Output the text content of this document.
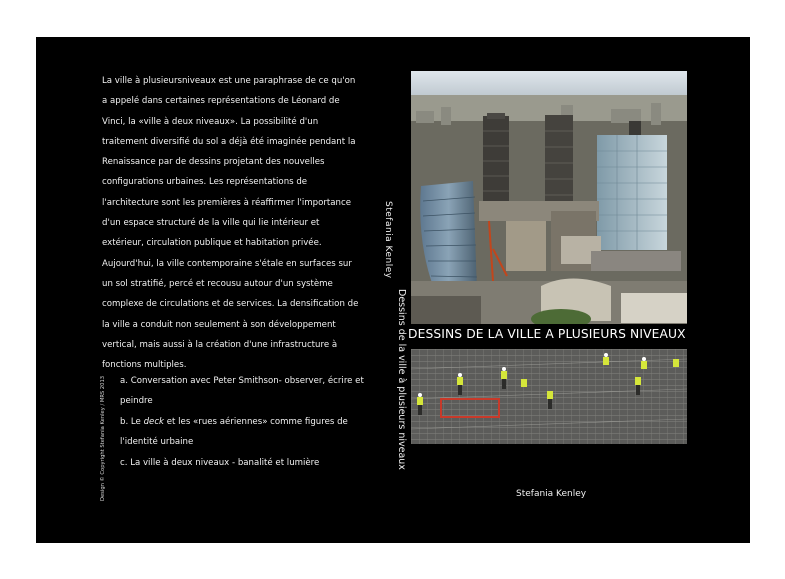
La ville à plusieursniveaux est une paraphrase de ce qu'on a appelé dans certaines représentations de Léonard de Vinci, la «ville à deux niveaux». La possibilité d'un traitement diversifié du sol a déjà été imaginée pendant la Renaissance par de dessins projetant des nouvelles configurations urbaines. Les représentations de l'architecture sont les premières à réaffirmer l'importance d'un espace structuré de la ville qui lie intérieur et extérieur, circulation publique et habitation privée. Aujourd'hui, la ville contemporaine s'étale en surfaces sur un sol stratifié, percé et recousu autour d'un système complexe de circulations et de services. La densification de la ville a conduit non seulement à son développement vertical, mais aussi à la création d'une infrastructure à fonctions multiples.

a. Conversation avec Peter Smithson- observer, écrire et peindre
b. Le deck et les «rues aériennes» comme figures de l'identité urbaine
c. La ville à deux niveaux - banalité et lumière
Design © Copyright Stefania Kenley / MRS 2013
Stefania Kenley
Dessins de la ville à plusieurs niveaux DESSINS DE LA VILLE A PLUSIEURS NIVEAUX
Stefania Kenley
